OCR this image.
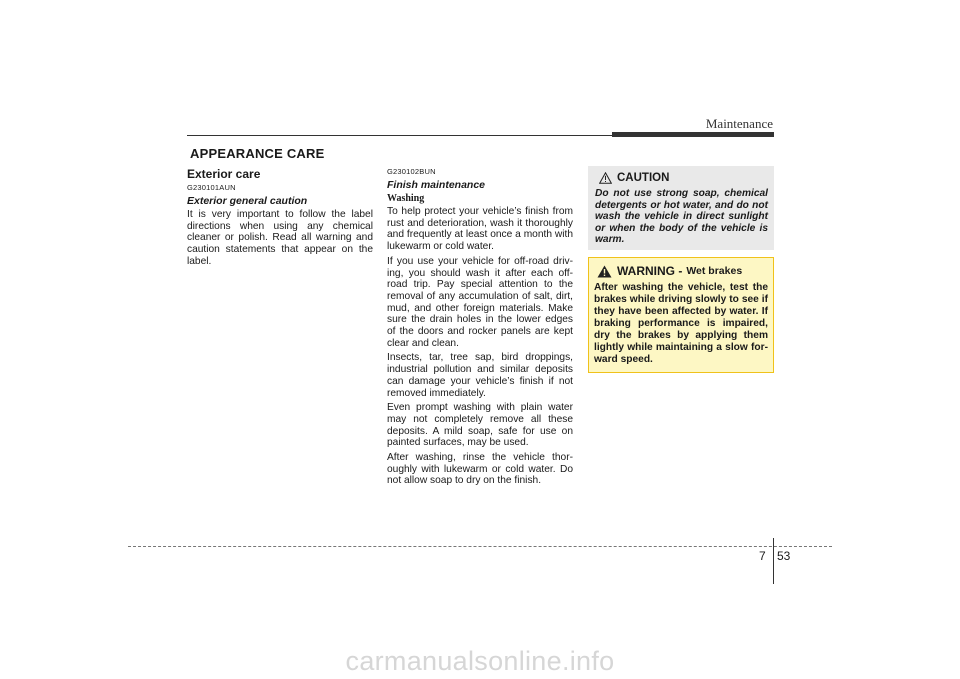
Maintenance
APPEARANCE CARE
Exterior care
G230101AUN
Exterior general caution

It is very important to follow the label directions when using any chemical cleaner or polish. Read all warning and caution statements that appear on the label.

G230102BUN
Finish maintenance
Washing

To help protect your vehicle’s finish from rust and deterioration, wash it thoroughly and frequently at least once a month with lukewarm or cold water.

If you use your vehicle for off-road driv-ing, you should wash it after each off-road trip. Pay special attention to the removal of any accumulation of salt, dirt, mud, and other foreign materials. Make sure the drain holes in the lower edges of the doors and rocker panels are kept clear and clean.

Insects, tar, tree sap, bird droppings, industrial pollution and similar deposits can damage your vehicle’s finish if not removed immediately.

Even prompt washing with plain water may not completely remove all these deposits. A mild soap, safe for use on painted surfaces, may be used.

After washing, rinse the vehicle thor-oughly with lukewarm or cold water. Do not allow soap to dry on the finish.

CAUTION
Do not use strong soap, chemical detergents or hot water, and do not wash the vehicle in direct sunlight or when the body of the vehicle is warm.
WARNING - Wet brakes
After washing the vehicle, test the brakes while driving slowly to see if they have been affected by water. If braking performance is impaired, dry the brakes by applying them lightly while maintaining a slow for-ward speed.
7 53
carmanualsonline.info
